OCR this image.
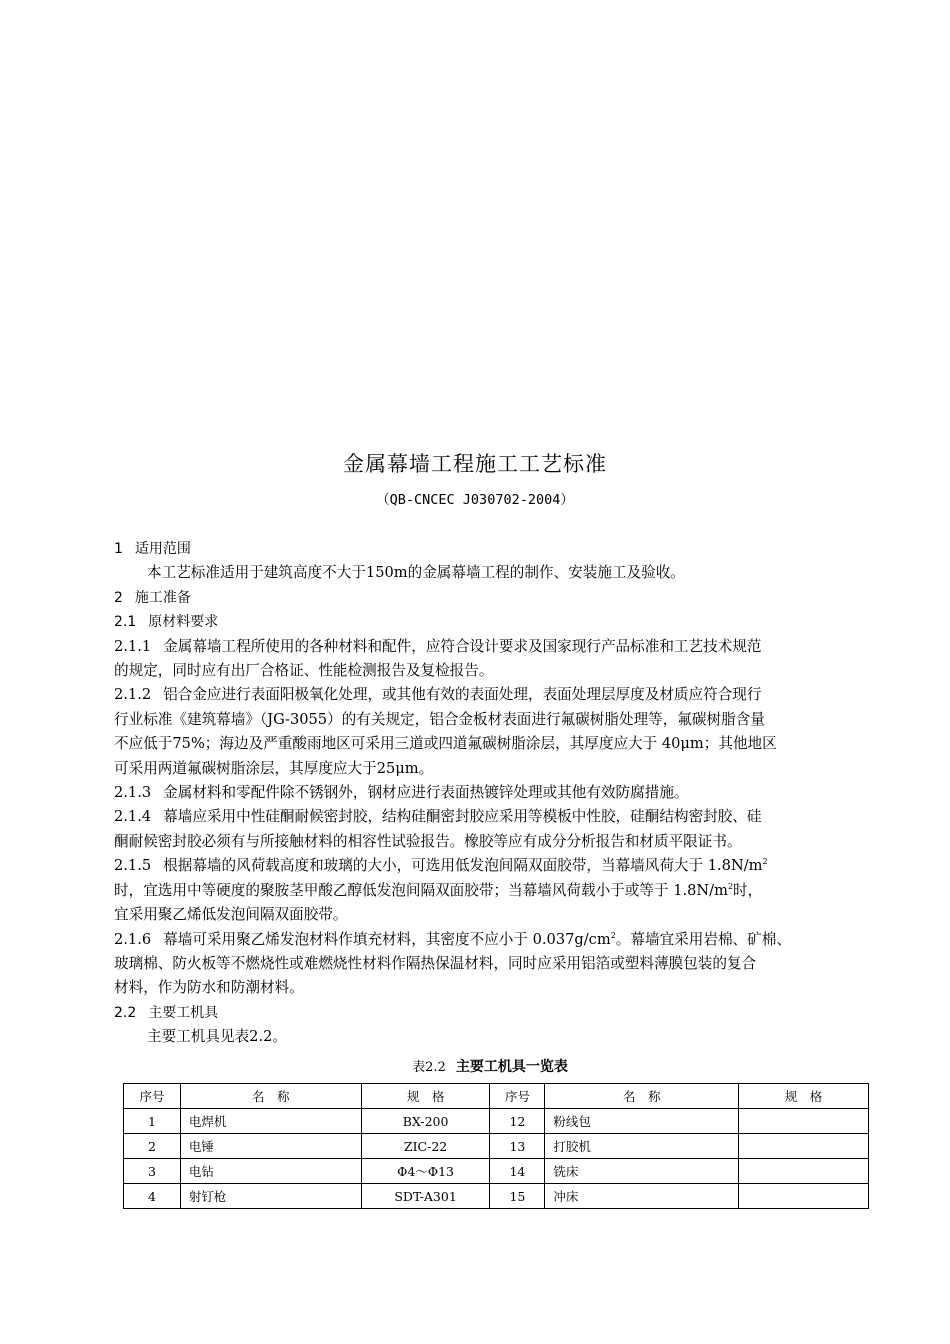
金属幕墙工程施工工艺标准
（QB-CNCEC J030702-2004）
1 适用范围
本工艺标准适用于建筑高度不大于150m的金属幕墙工程的制作、安装施工及验收。
2 施工准备
2.1 原材料要求
2.1.1 金属幕墙工程所使用的各种材料和配件，应符合设计要求及国家现行产品标准和工艺技术规范
的规定，同时应有出厂合格证、性能检测报告及复检报告。
2.1.2 铝合金应进行表面阳极氧化处理，或其他有效的表面处理，表面处理层厚度及材质应符合现行
行业标准《建筑幕墙》（JG-3055）的有关规定，铝合金板材表面进行氟碳树脂处理等，氟碳树脂含量
不应低于75%；海边及严重酸雨地区可采用三道或四道氟碳树脂涂层，其厚度应大于 40μm；其他地区
可采用两道氟碳树脂涂层，其厚度应大于25μm。
2.1.3 金属材料和零配件除不锈钢外，钢材应进行表面热镀锌处理或其他有效防腐措施。
2.1.4 幕墙应采用中性硅酮耐候密封胶，结构硅酮密封胶应采用等模板中性胶，硅酮结构密封胶、硅
酮耐候密封胶必须有与所接触材料的相容性试验报告。橡胶等应有成分分析报告和材质平限证书。
2.1.5 根据幕墙的风荷载高度和玻璃的大小，可选用低发泡间隔双面胶带，当幕墙风荷大于 $1.8N/m^2$
时，宜选用中等硬度的聚胺茎甲酸乙醇低发泡间隔双面胶带；当幕墙风荷载小于或等于 $1.8N/m^2$时，
宜采用聚乙烯低发泡间隔双面胶带。
2.1.6 幕墙可采用聚乙烯发泡材料作填充材料，其密度不应小于 $0.037g/cm^2$。幕墙宜采用岩棉、矿棉、
玻璃棉、防火板等不燃烧性或难燃烧性材料作隔热保温材料，同时应采用铝箔或塑料薄膜包装的复合
材料，作为防水和防潮材料。
2.2 主要工机具
主要工机具见表2.2。
表2.2 主要工机具一览表
序号	名　称	规　格	序号	名　称	规　格
1	电焊机	BX-200	12	粉线包	
2	电锤	ZIC-22	13	打胶机	
3	电钻	Φ4～Φ13	14	铣床	
4	射钉枪	SDT-A301	15	冲床	
